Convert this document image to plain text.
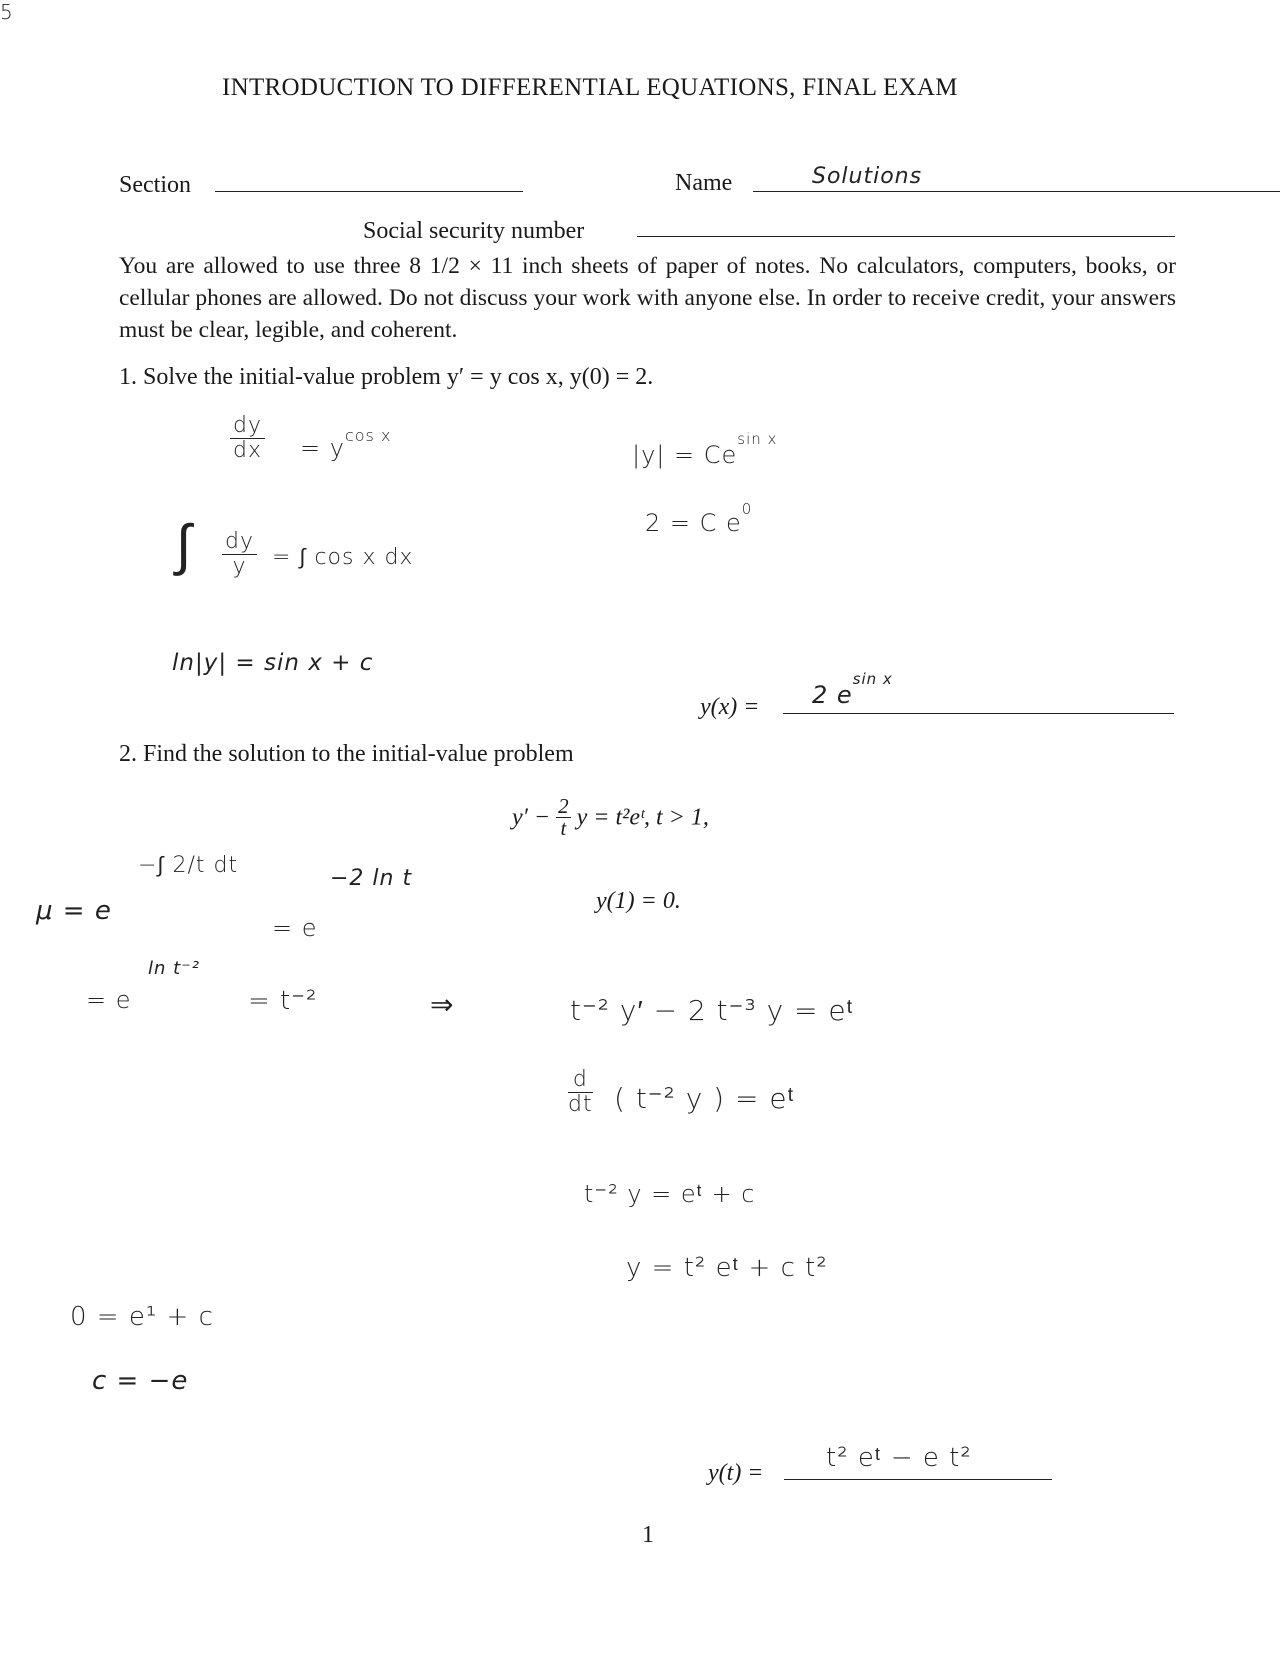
5
INTRODUCTION TO DIFFERENTIAL EQUATIONS, FINAL EXAM
Section	Name	Solutions
Social security number
You are allowed to use three 8 1/2 × 11 inch sheets of paper of notes. No calculators, computers, books, or cellular phones are allowed. Do not discuss your work with anyone else. In order to receive credit, your answers must be clear, legible, and coherent.
1. Solve the initial-value problem y′ = y cos x, y(0) = 2.
dy
dx = $y^{cos x}$
∫ $\frac{dy}{y}$ = ∫ cos x dx
ln|y| = sin x + c
$|y| = Ce^{sin x}$
2 = C $e^0$
y(x) = 2 $e^{sin x}$
2. Find the solution to the initial-value problem
$y' - \frac{2}{t}$ y = t²eᵗ, t > 1,
y(1) = 0.
μ = e
−∫ 2/t dt
= e
−2 ln t
= e
ln t⁻²
= t⁻²	⇒	t⁻² y′ − 2 t⁻³ y = eᵗ
d
dt ( t⁻² y ) = eᵗ
t⁻² y = eᵗ + c
y = t² eᵗ + c t²
0 = e¹ + c
c = −e
y(t) = t² eᵗ − e t²
1
